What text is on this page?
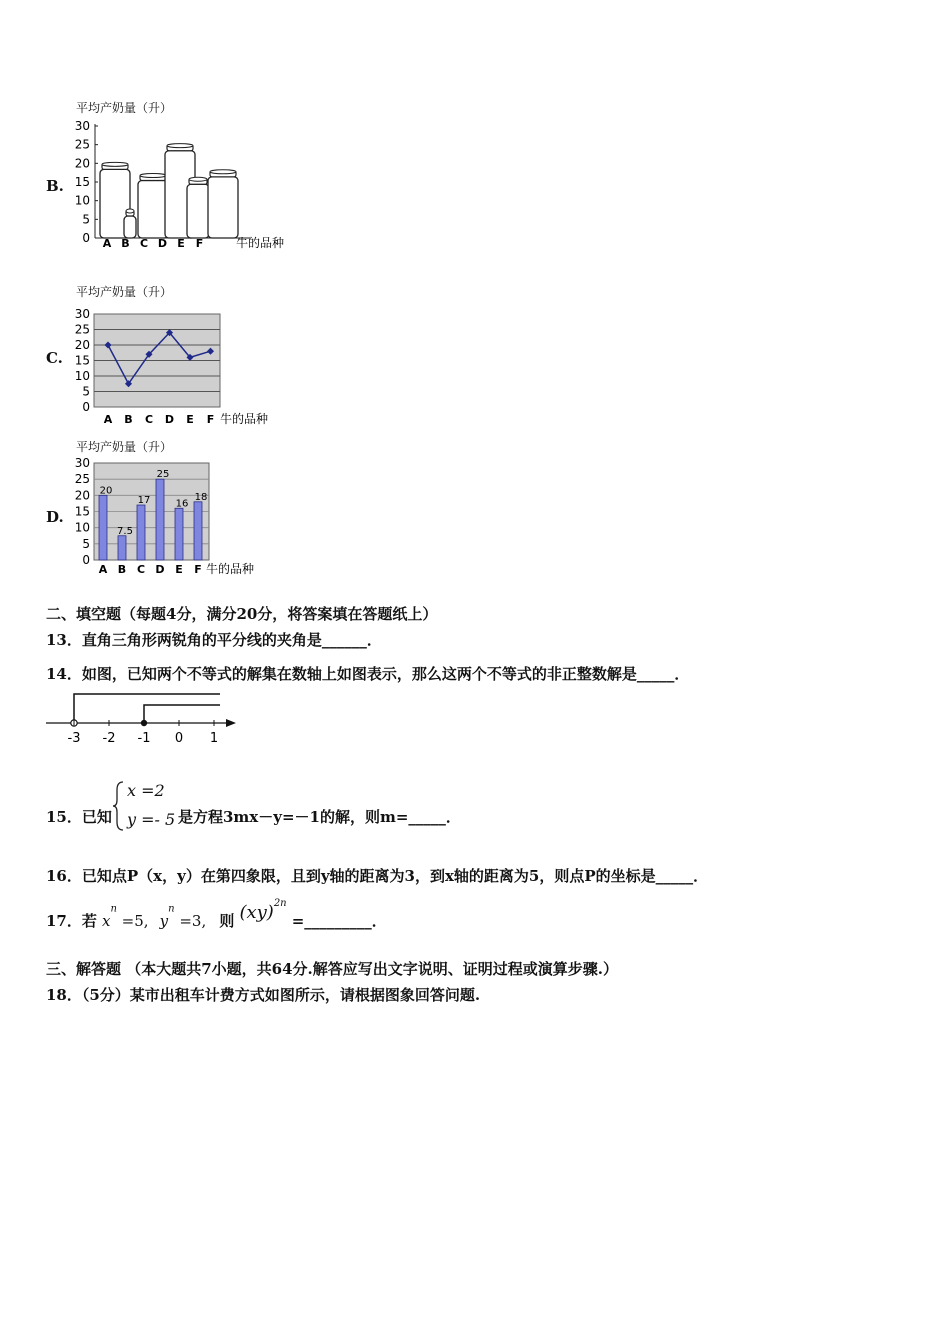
B.
平均产奶量（升）
30
25
20
15
10
5
0 A B C D E F	牛的品种
C.
平均产奶量（升）
30
25
20
15
10
5
0
A B C D E F 牛的品种
D.
平均产奶量（升）
30
25
20
15
10
5
0
20
7.5
17
25
16
18
A B C D E F 牛的品种
二、填空题（每题4分，满分20分，将答案填在答题纸上）
13．直角三角形两锐角的平分线的夹角是______．
14．如图，已知两个不等式的解集在数轴上如图表示，那么这两个不等式的非正整数解是_____．
-3 -2 -1 0 1
15．已知
x =2
y =- 5 是方程3mx－y=－1的解，则m=_____．
16．已知点P（x，y）在第四象限，且到y轴的距离为3，到x轴的距离为5，则点P的坐标是_____．
17．若 $x^n =5$, $y^n =3$, 则 (xy)$^{2n}$ =_________．
三、解答题 （本大题共7小题，共64分.解答应写出文字说明、证明过程或演算步骤.）
18．（5分）某市出租车计费方式如图所示，请根据图象回答问题.
